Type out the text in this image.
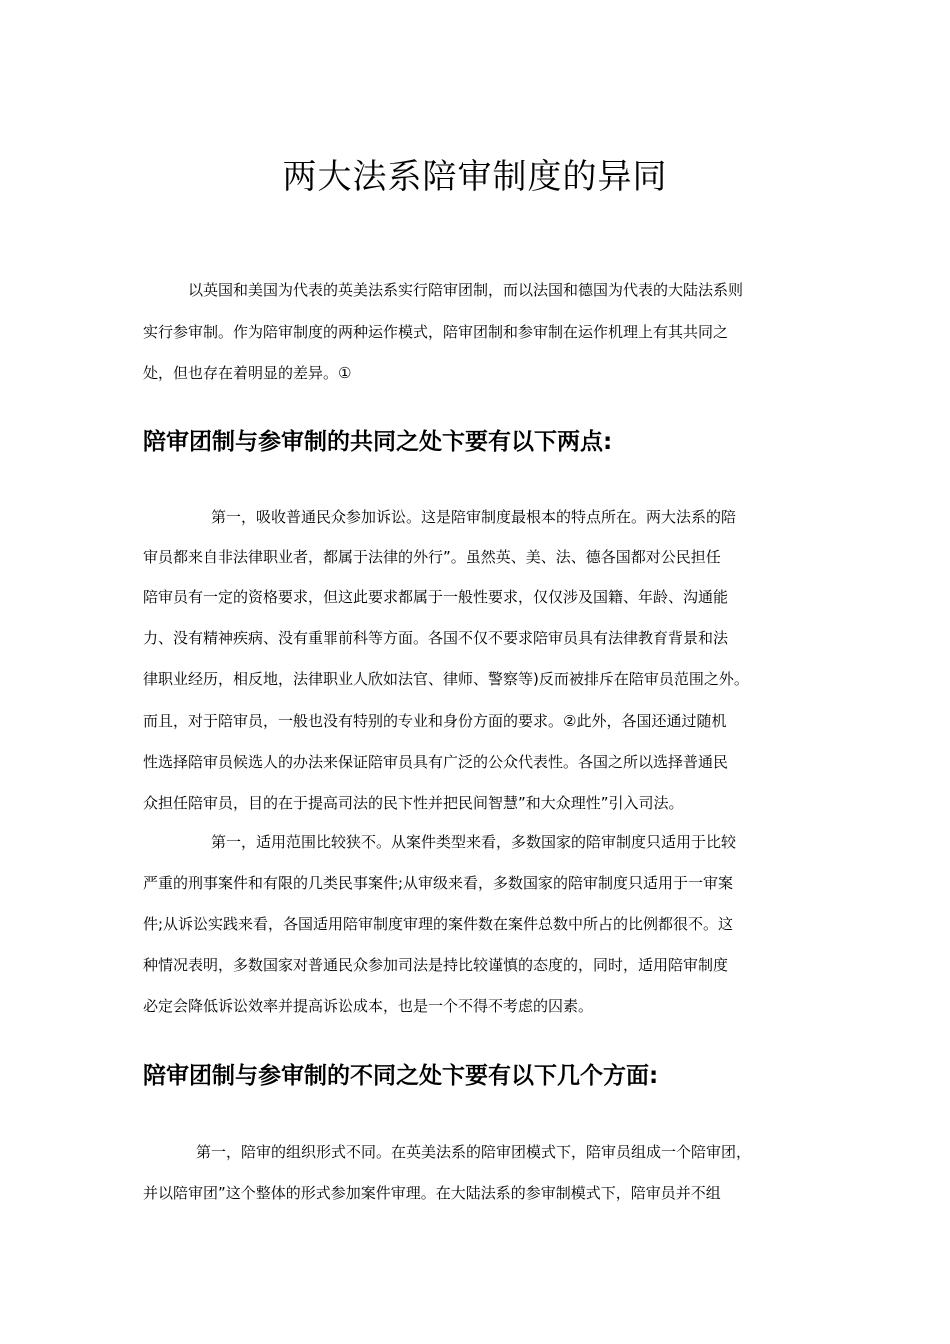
两大法系陪审制度的异同

以英国和美国为代表的英美法系实行陪审团制，而以法国和德国为代表的大陆法系则

实行参审制。作为陪审制度的两种运作模式，陪审团制和参审制在运作机理上有其共同之

处，但也存在着明显的差异。①

陪审团制与参审制的共同之处卞要有以下两点:

第一，吸收普通民众参加诉讼。这是陪审制度最根本的特点所在。两大法系的陪

审员都来自非法律职业者，都属于法律的外行”。虽然英、美、法、德各国都对公民担任

陪审员有一定的资格要求，但这此要求都属于一般性要求，仅仅涉及国籍、年龄、沟通能

力、没有精神疾病、没有重罪前科等方面。各国不仅不要求陪审员具有法律教育背景和法

律职业经历，相反地，法律职业人欣如法官、律师、警察等)反而被排斥在陪审员范围之外。

而且，对于陪审员，一般也没有特别的专业和身份方面的要求。②此外，各国还通过随机

性选择陪审员候选人的办法来保证陪审员具有广泛的公众代表性。各国之所以选择普通民

众担任陪审员，目的在于提高司法的民卞性并把民间智慧”和大众理性”引入司法。

第一，适用范围比较狭不。从案件类型来看，多数国家的陪审制度只适用于比较

严重的刑事案件和有限的几类民事案件;从审级来看，多数国家的陪审制度只适用于一审案

件;从诉讼实践来看，各国适用陪审制度审理的案件数在案件总数中所占的比例都很不。这

种情况表明，多数国家对普通民众参加司法是持比较谨慎的态度的，同时，适用陪审制度

必定会降低诉讼效率并提高诉讼成本，也是一个不得不考虑的囚素。

陪审团制与参审制的不同之处卞要有以下几个方面:

第一，陪审的组织形式不同。在英美法系的陪审团模式下，陪审员组成一个陪审团，

并以陪审团”这个整体的形式参加案件审理。在大陆法系的参审制模式下，陪审员并不组
